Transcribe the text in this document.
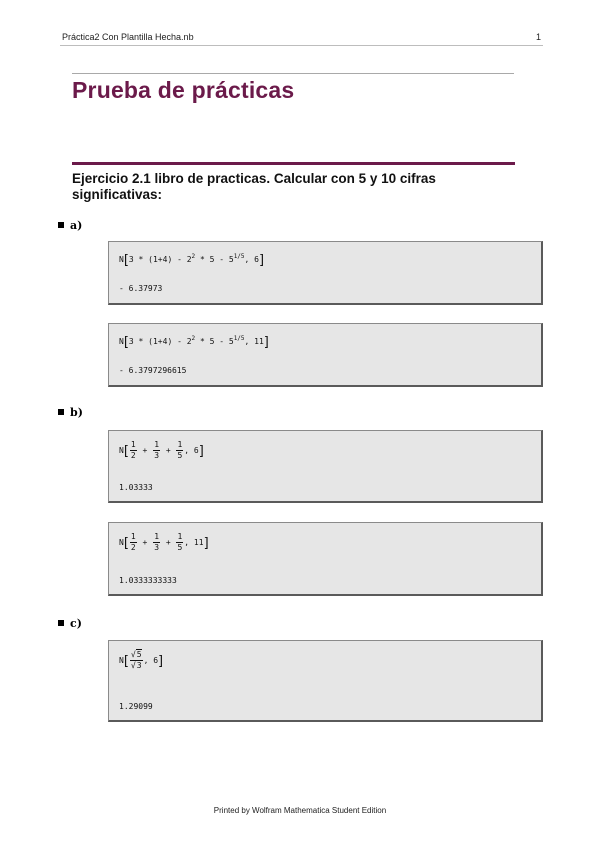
Práctica2 Con Plantilla Hecha.nb	1
Prueba de prácticas
Ejercicio 2.1 libro de practicas. Calcular con 5 y 10 cifras significativas:
a)
$N[3 * (1+4) - 2^2 * 5 - 5^{1/5}$, 6]
- 6.37973
$N[3 * (1+4) - 2^2 * 5 - 5^{1/5}$, 11]
- 6.3797296615
b)
$N[ \frac{1}{2} + \frac{1}{3} + \frac{1}{5}$ , 6]
1.03333
$N[ \frac{1}{2} + \frac{1}{3} + \frac{1}{5}$ , 11]
1.0333333333
c)
$N[ \frac{√5}{√3}$ , 6]
1.29099
Printed by Wolfram Mathematica Student Edition
